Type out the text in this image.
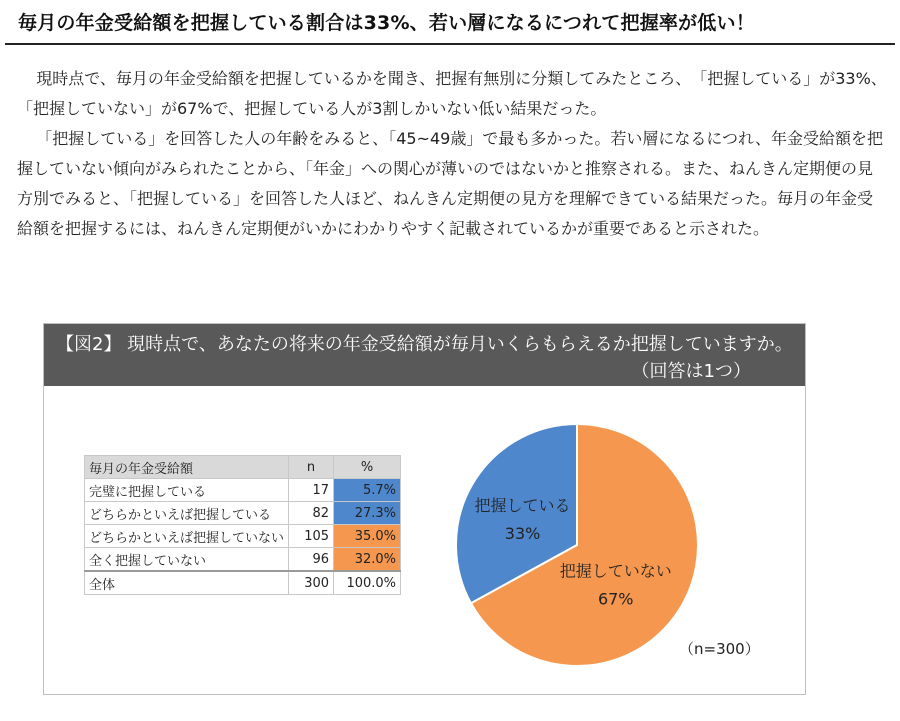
毎月の年金受給額を把握している割合は33%、若い層になるにつれて把握率が低い！

現時点で、毎月の年金受給額を把握しているかを聞き、把握有無別に分類してみたところ、　「把握している」が33%、「把握していない」が67%で、把握している人が3割しかいない低い結果だった。

「把握している」を回答した人の年齢をみると、「45~49歳」で最も多かった。若い層になるにつれ、年金受給額を把握していない傾向がみられたことから、「年金」への関心が薄いのではないかと推察される。また、ねんきん定期便の見方別でみると、「把握している」を回答した人ほど、ねんきん定期便の見方を理解できている結果だった。毎月の年金受給額を把握するには、ねんきん定期便がいかにわかりやすく記載されているかが重要であると示された。

【図2】 現時点で、あなたの将来の年金受給額が毎月いくらもらえるか把握していますか。
（回答は1つ）
毎月の年金受給額	n	%
完璧に把握している	17	5.7%
どちらかといえば把握している	82	27.3%
どちらかといえば把握していない	105	35.0%
全く把握していない	96	32.0%
全体	300	100.0%
把握している
33%
把握していない
67%
（n=300）
